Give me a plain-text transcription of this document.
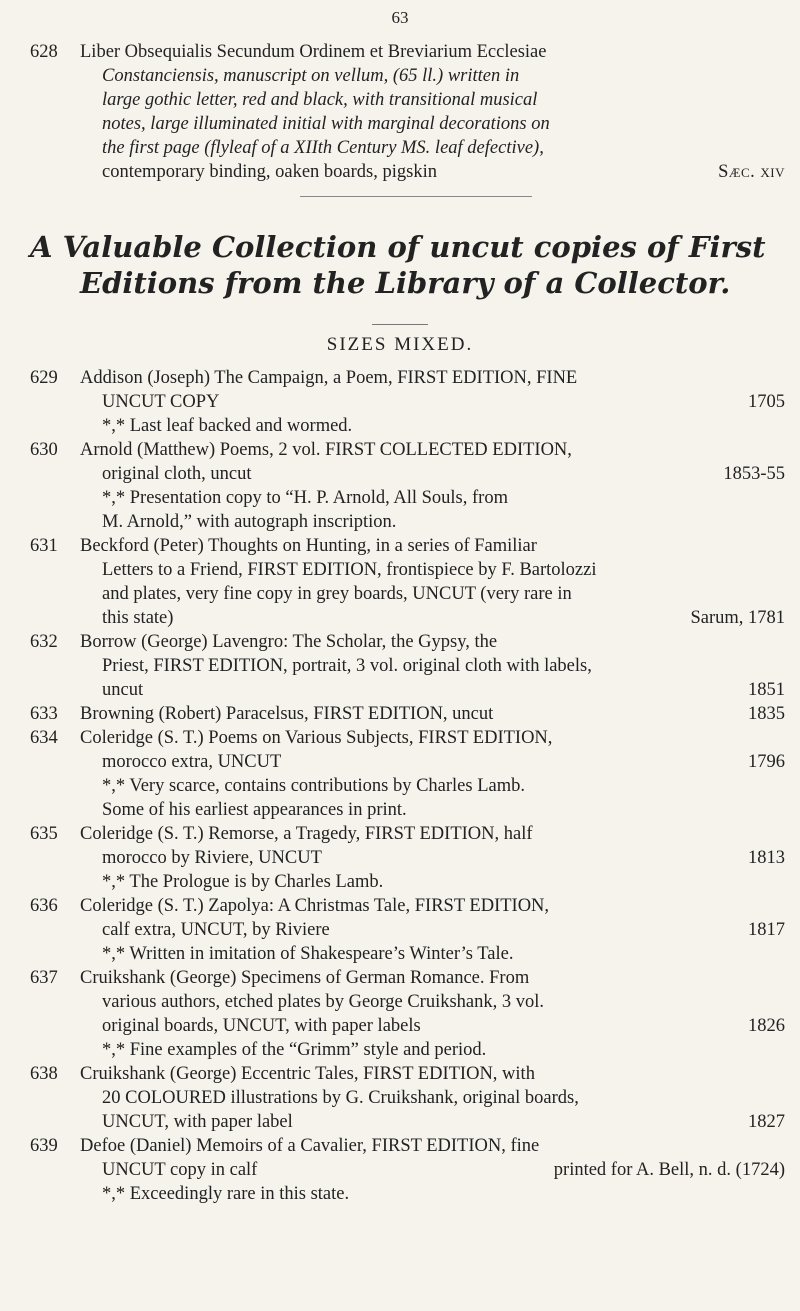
63
628	Liber Obsequialis Secundum Ordinem et Breviarium Ecclesiae
Constanciensis, manuscript on vellum, (65 ll.) written in
large gothic letter, red and black, with transitional musical
notes, large illuminated initial with marginal decorations on
the first page (flyleaf of a XIIth Century MS. leaf defective),
contemporary binding, oaken boards, pigskin	Sæc. xiv
A Valuable Collection of uncut copies of First
Editions from the Library of a Collector.
SIZES MIXED.
629	Addison (Joseph) The Campaign, a Poem, FIRST EDITION, FINE
UNCUT COPY	1705
*,* Last leaf backed and wormed.
630	Arnold (Matthew) Poems, 2 vol. FIRST COLLECTED EDITION,
original cloth, uncut	1853-55
*,* Presentation copy to “H. P. Arnold, All Souls, from
M. Arnold,” with autograph inscription.
631	Beckford (Peter) Thoughts on Hunting, in a series of Familiar
Letters to a Friend, FIRST EDITION, frontispiece by F. Bartolozzi
and plates, very fine copy in grey boards, UNCUT (very rare in
this state)	Sarum, 1781
632	Borrow (George) Lavengro: The Scholar, the Gypsy, the
Priest, FIRST EDITION, portrait, 3 vol. original cloth with labels,
uncut	1851
633	Browning (Robert) Paracelsus, FIRST EDITION, uncut	1835
634	Coleridge (S. T.) Poems on Various Subjects, FIRST EDITION,
morocco extra, UNCUT	1796
*,* Very scarce, contains contributions by Charles Lamb.
Some of his earliest appearances in print.
635	Coleridge (S. T.) Remorse, a Tragedy, FIRST EDITION, half
morocco by Riviere, UNCUT	1813
*,* The Prologue is by Charles Lamb.
636	Coleridge (S. T.) Zapolya: A Christmas Tale, FIRST EDITION,
calf extra, UNCUT, by Riviere	1817
*,* Written in imitation of Shakespeare’s Winter’s Tale.
637	Cruikshank (George) Specimens of German Romance. From
various authors, etched plates by George Cruikshank, 3 vol.
original boards, UNCUT, with paper labels	1826
*,* Fine examples of the “Grimm” style and period.
638	Cruikshank (George) Eccentric Tales, FIRST EDITION, with
20 COLOURED illustrations by G. Cruikshank, original boards,
UNCUT, with paper label	1827
639	Defoe (Daniel) Memoirs of a Cavalier, FIRST EDITION, fine
UNCUT copy in calf	printed for A. Bell, n. d. (1724)
*,* Exceedingly rare in this state.
